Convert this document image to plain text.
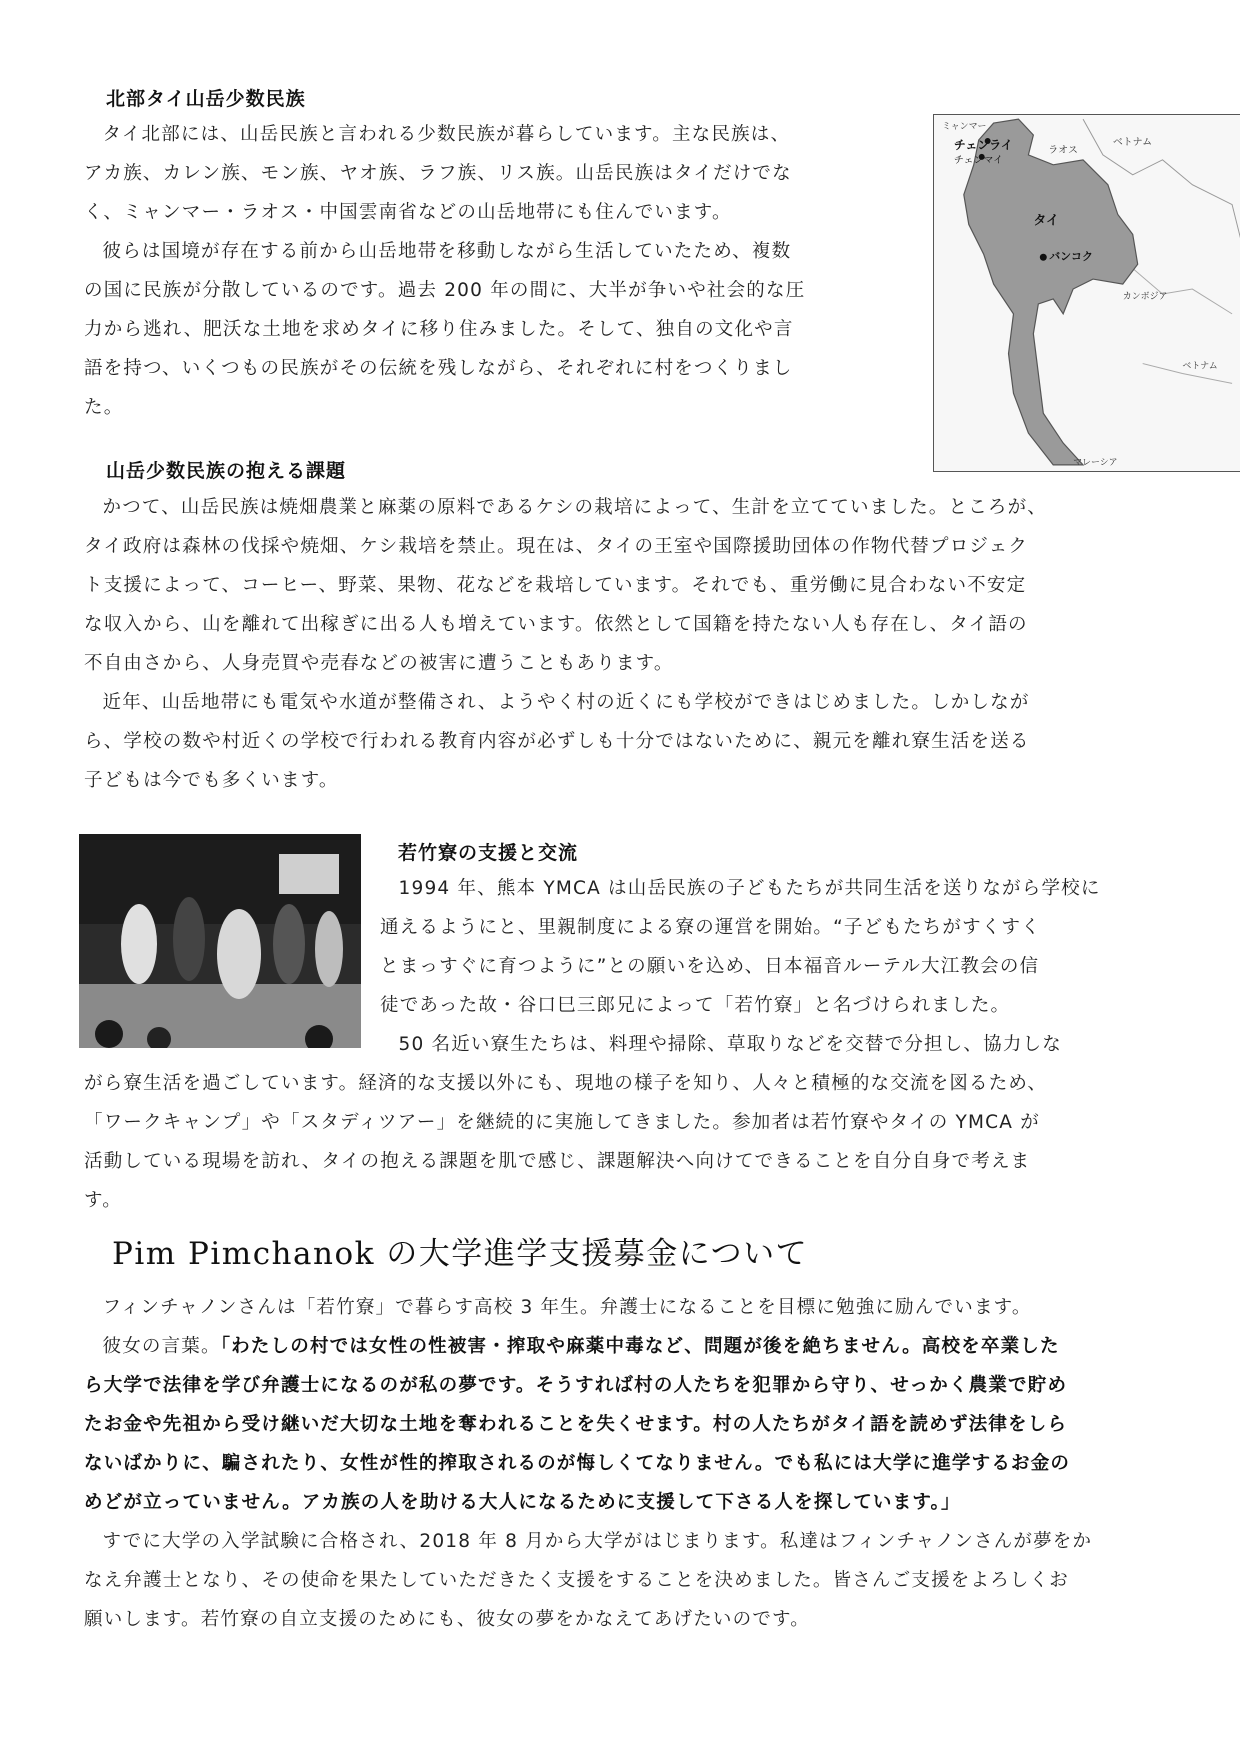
北部タイ山岳少数民族
タイ北部には、山岳民族と言われる少数民族が暮らしています。主な民族は、
アカ族、カレン族、モン族、ヤオ族、ラフ族、リス族。山岳民族はタイだけでな
く、ミャンマー・ラオス・中国雲南省などの山岳地帯にも住んでいます。
彼らは国境が存在する前から山岳地帯を移動しながら生活していたため、複数
の国に民族が分散しているのです。過去 200 年の間に、大半が争いや社会的な圧
力から逃れ、肥沃な土地を求めタイに移り住みました。そして、独自の文化や言
語を持つ、いくつもの民族がその伝統を残しながら、それぞれに村をつくりまし
た。
ミャンマー
チェンライ
チェンマイ
ラオス
ベトナム
タイ
バンコク
カンボジア
ベトナム
マレーシア
山岳少数民族の抱える課題
かつて、山岳民族は焼畑農業と麻薬の原料であるケシの栽培によって、生計を立てていました。ところが、
タイ政府は森林の伐採や焼畑、ケシ栽培を禁止。現在は、タイの王室や国際援助団体の作物代替プロジェク
ト支援によって、コーヒー、野菜、果物、花などを栽培しています。それでも、重労働に見合わない不安定
な収入から、山を離れて出稼ぎに出る人も増えています。依然として国籍を持たない人も存在し、タイ語の
不自由さから、人身売買や売春などの被害に遭うこともあります。
近年、山岳地帯にも電気や水道が整備され、ようやく村の近くにも学校ができはじめました。しかしなが
ら、学校の数や村近くの学校で行われる教育内容が必ずしも十分ではないために、親元を離れ寮生活を送る
子どもは今でも多くいます。
若竹寮の支援と交流
1994 年、熊本 YMCA は山岳民族の子どもたちが共同生活を送りながら学校に
通えるようにと、里親制度による寮の運営を開始。“子どもたちがすくすく
とまっすぐに育つように”との願いを込め、日本福音ルーテル大江教会の信
徒であった故・谷口巳三郎兄によって「若竹寮」と名づけられました。
50 名近い寮生たちは、料理や掃除、草取りなどを交替で分担し、協力しな
がら寮生活を過ごしています。経済的な支援以外にも、現地の様子を知り、人々と積極的な交流を図るため、
「ワークキャンプ」や「スタディツアー」を継続的に実施してきました。参加者は若竹寮やタイの YMCA が
活動している現場を訪れ、タイの抱える課題を肌で感じ、課題解決へ向けてできることを自分自身で考えま
す。
Pim Pimchanok の大学進学支援募金について
フィンチャノンさんは「若竹寮」で暮らす高校 3 年生。弁護士になることを目標に勉強に励んでいます。
彼女の言葉。「わたしの村では女性の性被害・搾取や麻薬中毒など、問題が後を絶ちません。高校を卒業した
ら大学で法律を学び弁護士になるのが私の夢です。そうすれば村の人たちを犯罪から守り、せっかく農業で貯め
たお金や先祖から受け継いだ大切な土地を奪われることを失くせます。村の人たちがタイ語を読めず法律をしら
ないばかりに、騙されたり、女性が性的搾取されるのが悔しくてなりません。でも私には大学に進学するお金の
めどが立っていません。アカ族の人を助ける大人になるために支援して下さる人を探しています。」
すでに大学の入学試験に合格され、2018 年 8 月から大学がはじまります。私達はフィンチャノンさんが夢をか
なえ弁護士となり、その使命を果たしていただきたく支援をすることを決めました。皆さんご支援をよろしくお
願いします。若竹寮の自立支援のためにも、彼女の夢をかなえてあげたいのです。
